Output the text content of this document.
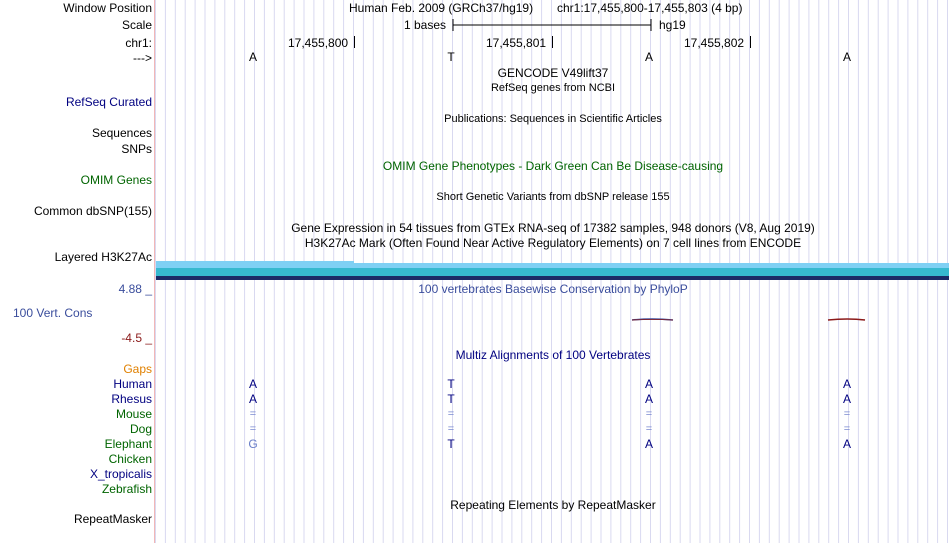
Window Position	Human Feb. 2009 (GRCh37/hg19) chr1:17,455,800-17,455,803 (4 bp)
Scale	1 bases	hg19
chr1:	17,455,800	17,455,801	17,455,802
--->	A	T	A	A
GENCODE V49lift37
RefSeq genes from NCBI
RefSeq Curated
Publications: Sequences in Scientific Articles
Sequences
SNPs
OMIM Gene Phenotypes - Dark Green Can Be Disease-causing
OMIM Genes
Short Genetic Variants from dbSNP release 155
Common dbSNP(155)
Gene Expression in 54 tissues from GTEx RNA-seq of 17382 samples, 948 donors (V8, Aug 2019)
H3K27Ac Mark (Often Found Near Active Regulatory Elements) on 7 cell lines from ENCODE
Layered H3K27Ac
4.88 _	100 vertebrates Basewise Conservation by PhyloP
100 Vert. Cons
-4.5 _
Multiz Alignments of 100 Vertebrates
Gaps
Human	A	T	A	A
Rhesus	A	T	A	A
Mouse	=	=	=	=
Dog	=	=	=	=
Elephant	G	T	A	A
Chicken
X_tropicalis
Zebrafish
Repeating Elements by RepeatMasker
RepeatMasker
